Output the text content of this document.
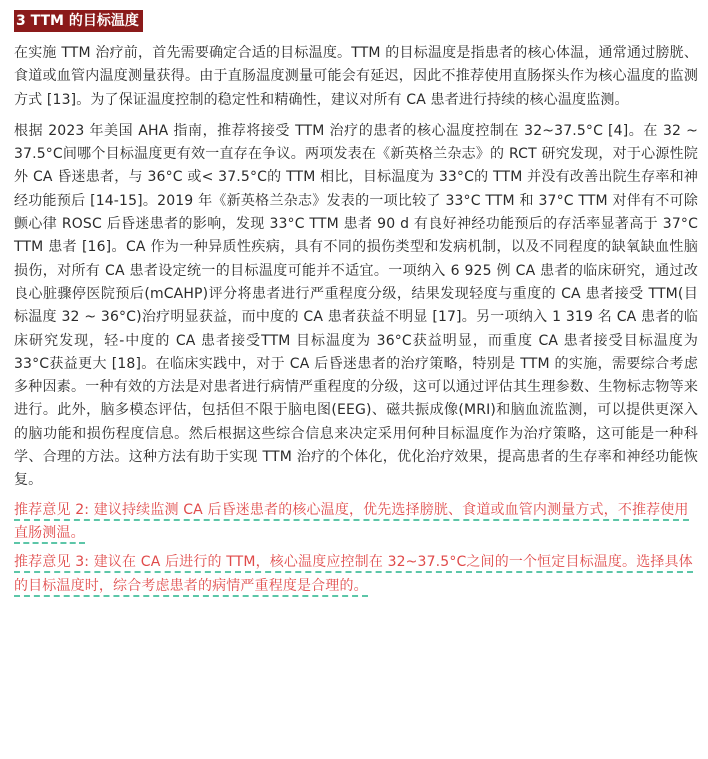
3 TTM 的目标温度

在实施 TTM 治疗前，首先需要确定合适的目标温度。TTM 的目标温度是指患者的核心体温，通常通过膀胱、食道或血管内温度测量获得。由于直肠温度测量可能会有延迟，因此不推荐使用直肠探头作为核心温度的监测方式 [13]。为了保证温度控制的稳定性和精确性，建议对所有 CA 患者进行持续的核心温度监测。

根据 2023 年美国 AHA 指南，推荐将接受 TTM 治疗的患者的核心温度控制在 32~37.5°C [4]。在 32 ~ 37.5°C间哪个目标温度更有效一直存在争议。两项发表在《新英格兰杂志》的 RCT 研究发现，对于心源性院外 CA 昏迷患者，与 36°C 或< 37.5°C的 TTM 相比，目标温度为 33°C的 TTM 并没有改善出院生存率和神经功能预后 [14-15]。2019 年《新英格兰杂志》发表的一项比较了 33°C TTM 和 37°C TTM 对伴有不可除颤心律 ROSC 后昏迷患者的影响，发现 33°C TTM 患者 90 d 有良好神经功能预后的存活率显著高于 37°C TTM 患者 [16]。CA 作为一种异质性疾病，具有不同的损伤类型和发病机制，以及不同程度的缺氧缺血性脑损伤，对所有 CA 患者设定统一的目标温度可能并不适宜。一项纳入 6 925 例 CA 患者的临床研究，通过改良心脏骤停医院预后(mCAHP)评分将患者进行严重程度分级，结果发现轻度与重度的 CA 患者接受 TTM(目标温度 32 ~ 36°C)治疗明显获益，而中度的 CA 患者获益不明显 [17]。另一项纳入 1 319 名 CA 患者的临床研究发现，轻-中度的 CA 患者接受TTM 目标温度为 36°C获益明显，而重度 CA 患者接受目标温度为 33°C获益更大 [18]。在临床实践中，对于 CA 后昏迷患者的治疗策略，特别是 TTM 的实施，需要综合考虑多种因素。一种有效的方法是对患者进行病情严重程度的分级，这可以通过评估其生理参数、生物标志物等来进行。此外，脑多模态评估，包括但不限于脑电图(EEG)、磁共振成像(MRI)和脑血流监测，可以提供更深入的脑功能和损伤程度信息。然后根据这些综合信息来决定采用何种目标温度作为治疗策略，这可能是一种科学、合理的方法。这种方法有助于实现 TTM 治疗的个体化，优化治疗效果，提高患者的生存率和神经功能恢复。

推荐意见 2: 建议持续监测 CA 后昏迷患者的核心温度，优先选择膀胱、食道或血管内测量方式，不推荐使用直肠测温。

推荐意见 3: 建议在 CA 后进行的 TTM，核心温度应控制在 32~37.5°C之间的一个恒定目标温度。选择具体的目标温度时，综合考虑患者的病情严重程度是合理的。
